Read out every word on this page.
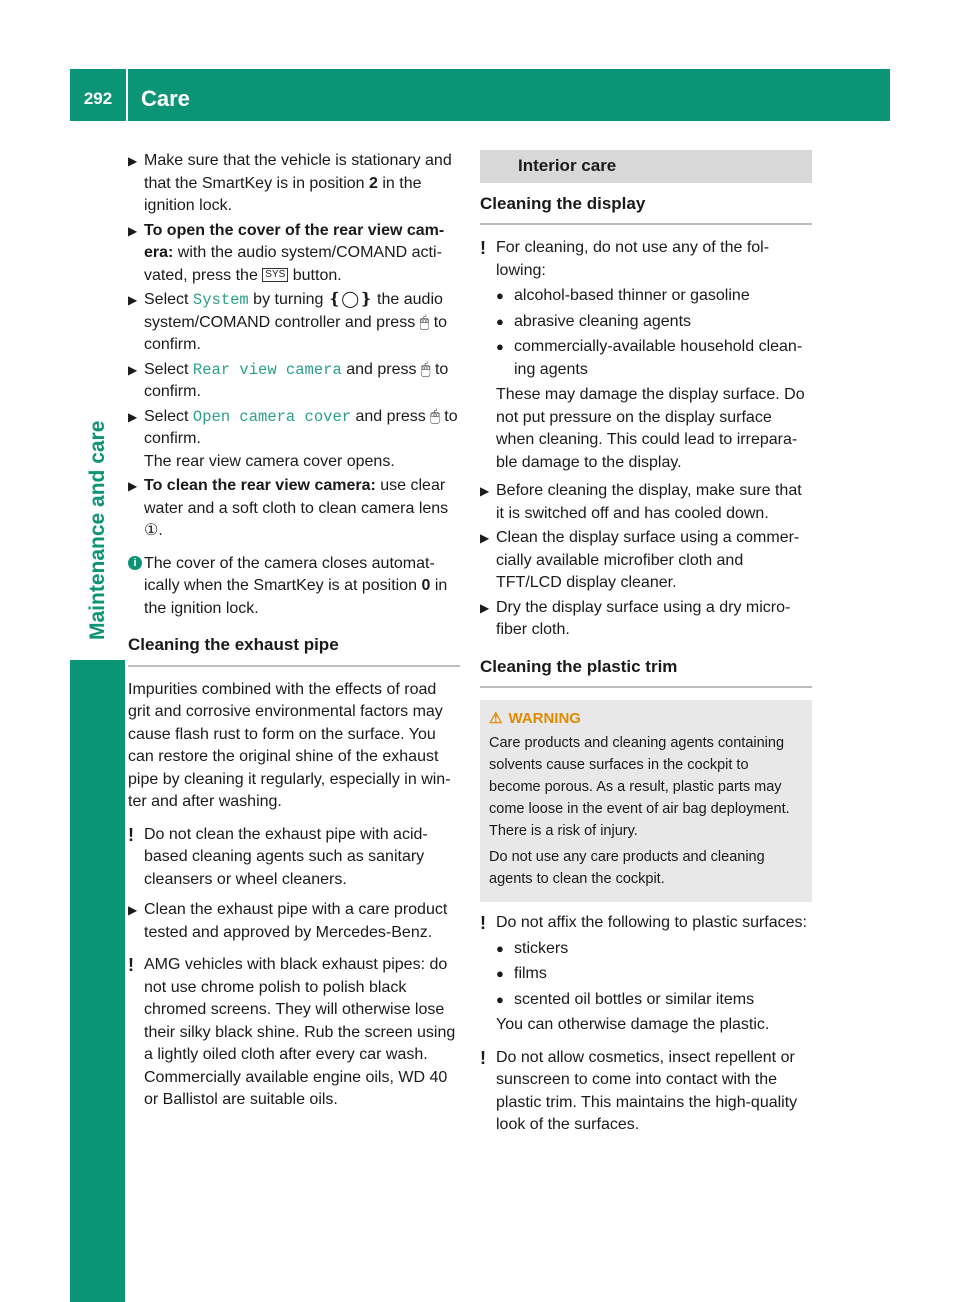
292	Care
Maintenance and care

▶ Make sure that the vehicle is stationary and that the SmartKey is in position 2 in the ignition lock.

▶ To open the cover of the rear view camera: with the audio system/COMAND activated, press the SYS button.

▶ Select System by turning ❴◯❵ the audio system/COMAND controller and press 🖱 to confirm.

▶ Select Rear view camera and press 🖱 to confirm.

▶ Select Open camera cover and press 🖱 to confirm.
The rear view camera cover opens.

▶ To clean the rear view camera: use clear water and a soft cloth to clean camera lens ①.

i The cover of the camera closes automatically when the SmartKey is at position 0 in the ignition lock.

Cleaning the exhaust pipe

Impurities combined with the effects of road grit and corrosive environmental factors may cause flash rust to form on the surface. You can restore the original shine of the exhaust pipe by cleaning it regularly, especially in winter and after washing.

! Do not clean the exhaust pipe with acid-based cleaning agents such as sanitary cleansers or wheel cleaners.

▶ Clean the exhaust pipe with a care product tested and approved by Mercedes-Benz.

! AMG vehicles with black exhaust pipes: do not use chrome polish to polish black chromed screens. They will otherwise lose their silky black shine. Rub the screen using a lightly oiled cloth after every car wash. Commercially available engine oils, WD 40 or Ballistol are suitable oils.

Interior care
Cleaning the display

! For cleaning, do not use any of the following:

● alcohol-based thinner or gasoline

● abrasive cleaning agents

● commercially-available household cleaning agents

These may damage the display surface. Do not put pressure on the display surface when cleaning. This could lead to irreparable damage to the display.

▶ Before cleaning the display, make sure that it is switched off and has cooled down.

▶ Clean the display surface using a commercially available microfiber cloth and TFT/LCD display cleaner.

▶ Dry the display surface using a dry microfiber cloth.

Cleaning the plastic trim
⚠ WARNING

Care products and cleaning agents containing solvents cause surfaces in the cockpit to become porous. As a result, plastic parts may come loose in the event of air bag deployment. There is a risk of injury.

Do not use any care products and cleaning agents to clean the cockpit.

! Do not affix the following to plastic surfaces:

● stickers

● films

● scented oil bottles or similar items

You can otherwise damage the plastic.

! Do not allow cosmetics, insect repellent or sunscreen to come into contact with the plastic trim. This maintains the high-quality look of the surfaces.
